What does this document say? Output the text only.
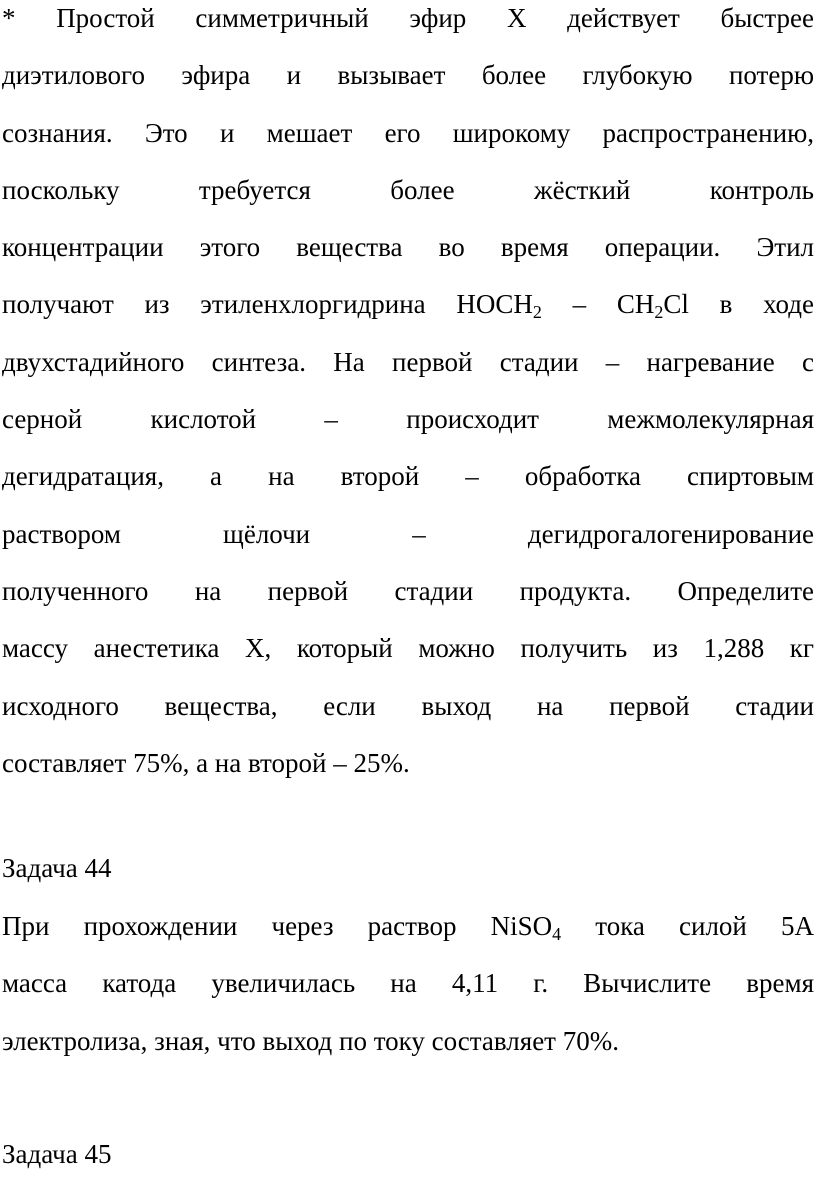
* Простой симметричный эфир X действует быстрее
диэтилового эфира и вызывает более глубокую потерю
сознания. Это и мешает его широкому распространению,
поскольку требуется более жёсткий контроль
концентрации этого вещества во время операции. Этил
получают из этиленхлоргидрина $HOCH_2 - CH_2Cl$ в ходе
двухстадийного синтеза. На первой стадии – нагревание с
серной кислотой – происходит межмолекулярная
дегидратация, а на второй – обработка спиртовым
раствором щёлочи – дегидрогалогенирование
полученного на первой стадии продукта. Определите
массу анестетика X, который можно получить из 1,288 кг
исходного вещества, если выход на первой стадии
составляет 75%, а на второй – 25%.
Задача 44
При прохождении через раствор NiSO$_4$ тока силой 5А
масса катода увеличилась на 4,11 г. Вычислите время
электролиза, зная, что выход по току составляет 70%.
Задача 45
